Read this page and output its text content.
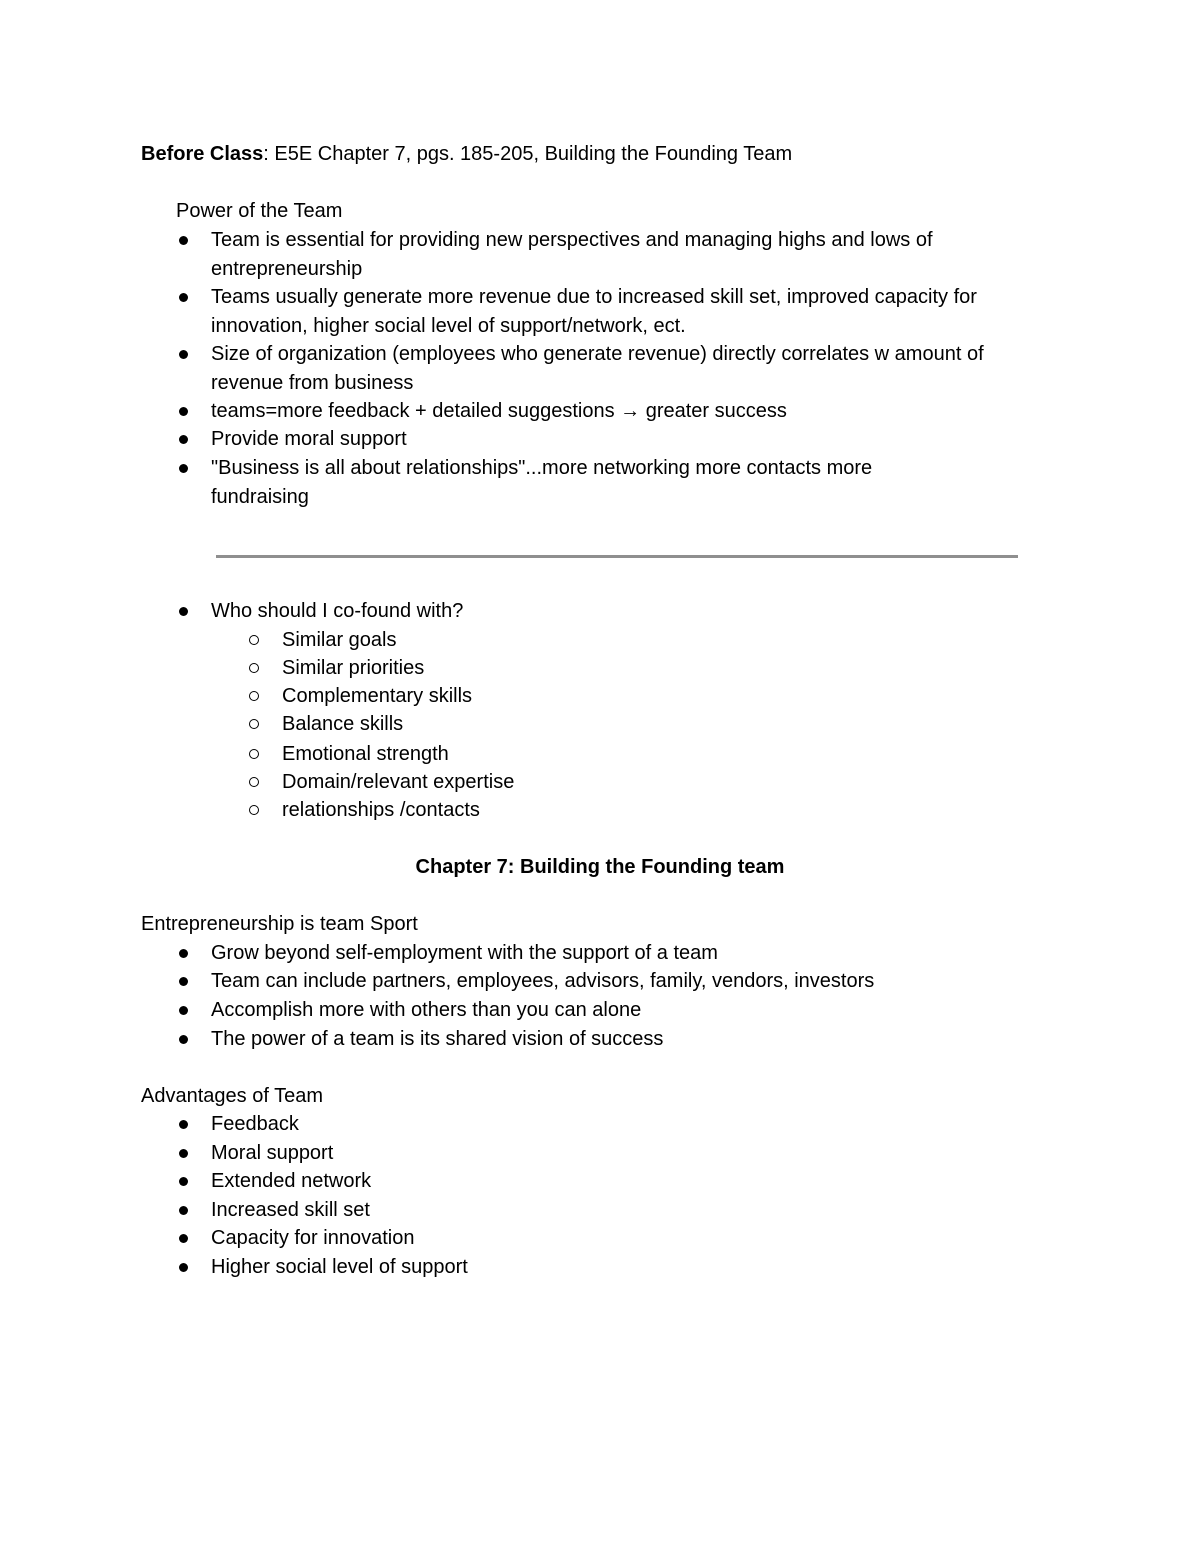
Before Class: E5E Chapter 7, pgs. 185-205, Building the Founding Team
Power of the Team
Team is essential for providing new perspectives and managing highs and lows of entrepreneurship
Teams usually generate more revenue due to increased skill set, improved capacity for innovation, higher social level of support/network, ect.
Size of organization (employees who generate revenue) directly correlates w amount of revenue from business
teams=more feedback + detailed suggestions → greater success
Provide moral support
"Business is all about relationships"...more networking more contacts more fundraising
Who should I co-found with?
Similar goals
Similar priorities
Complementary skills
Balance skills
Emotional strength
Domain/relevant expertise
relationships /contacts
Chapter 7: Building the Founding team
Entrepreneurship is team Sport
Grow beyond self-employment with the support of a team
Team can include partners, employees, advisors, family, vendors, investors
Accomplish more with others than you can alone
The power of a team is its shared vision of success
Advantages of Team
Feedback
Moral support
Extended network
Increased skill set
Capacity for innovation
Higher social level of support
